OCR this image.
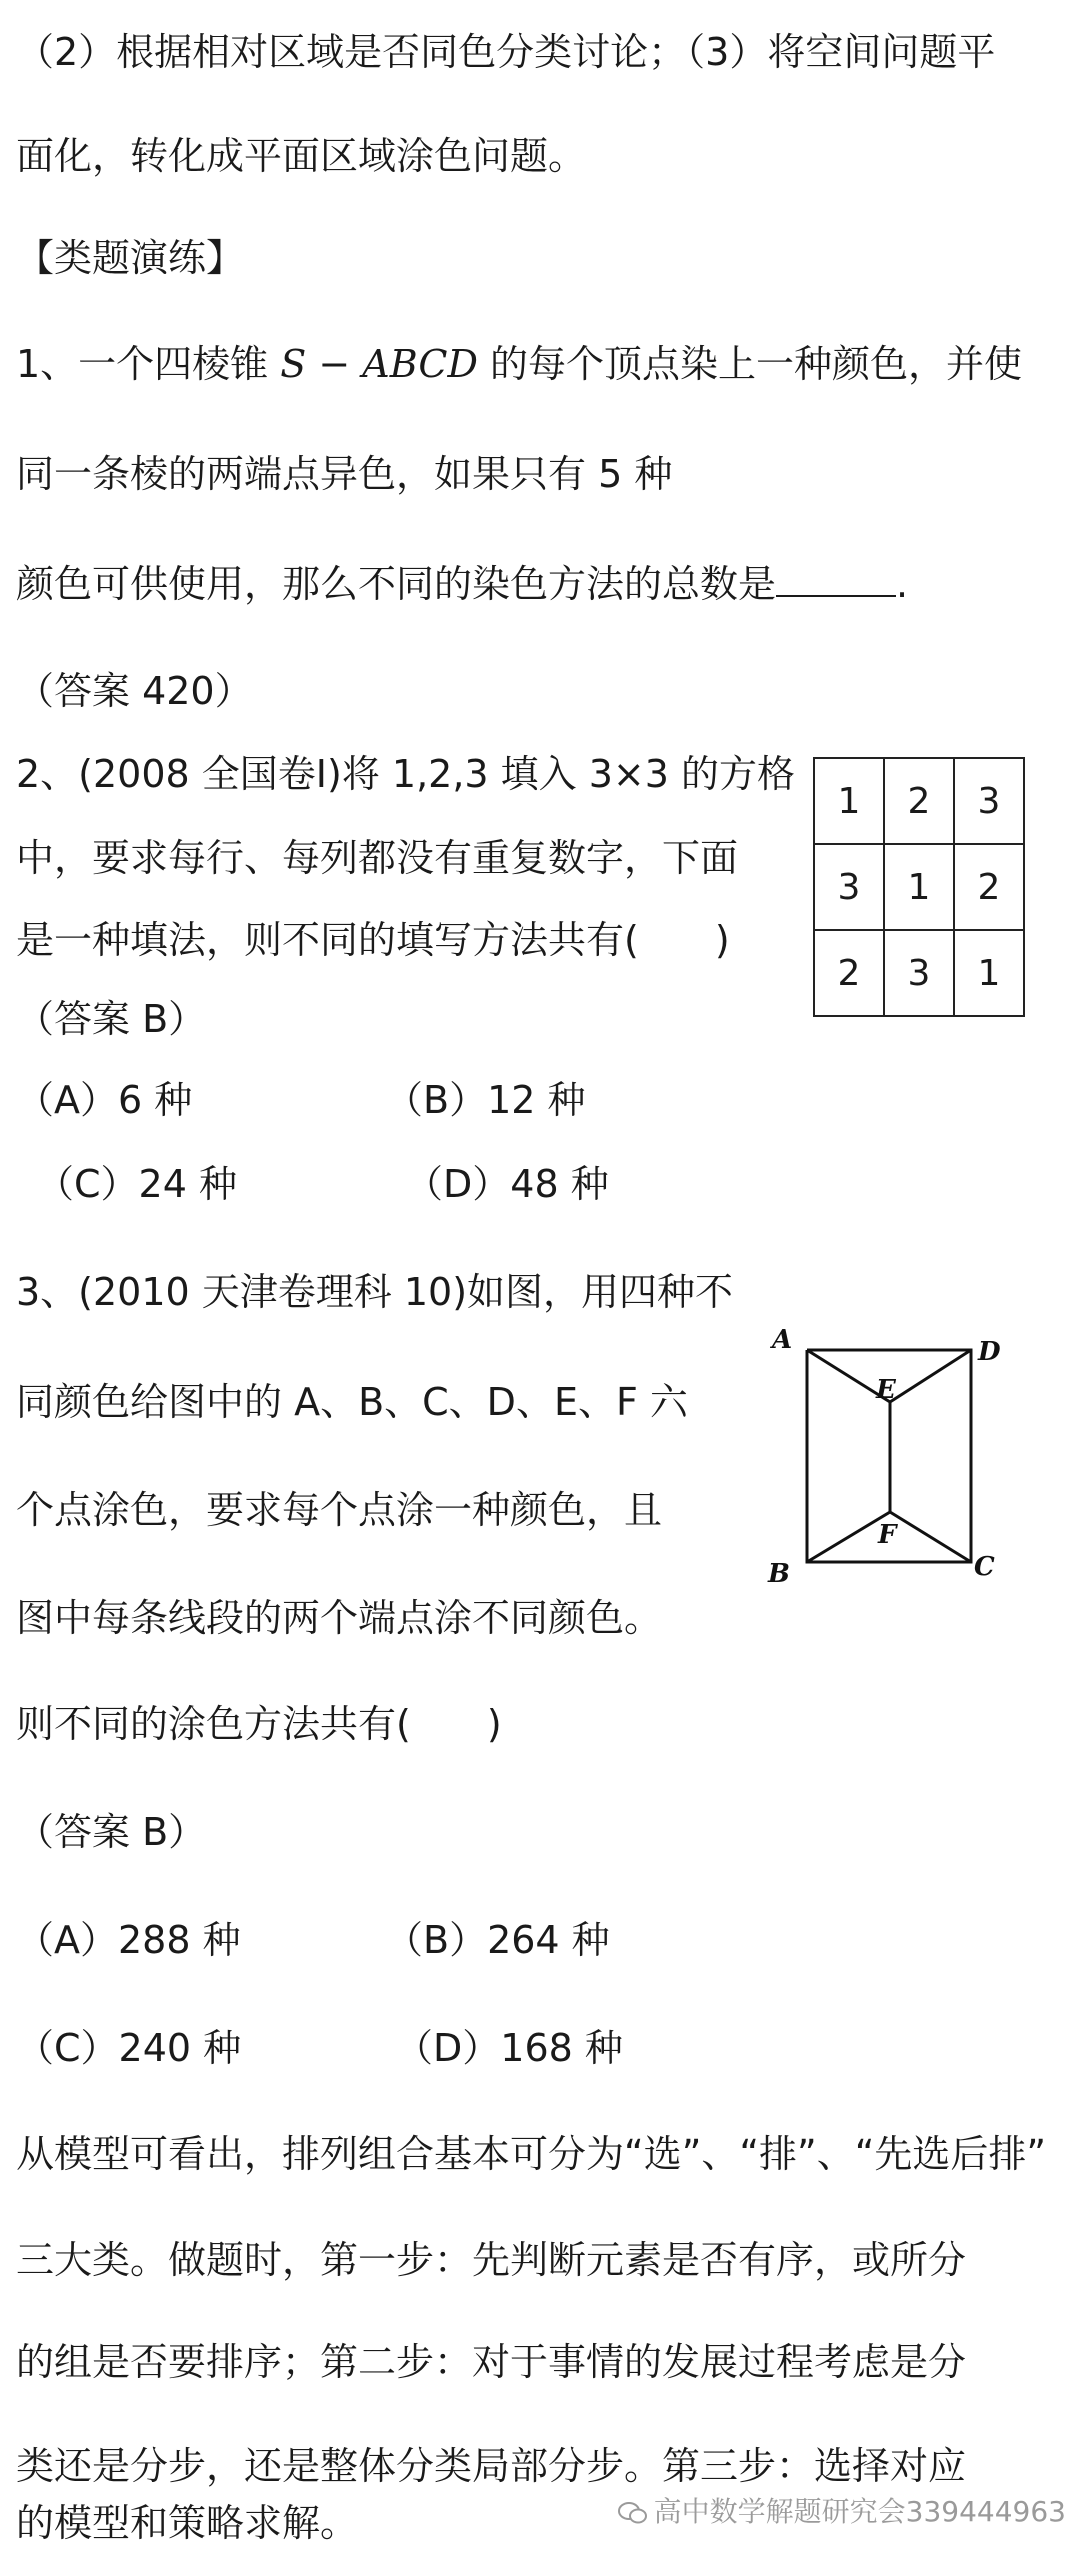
（2）根据相对区域是否同色分类讨论；（3）将空间问题平
面化，转化成平面区域涂色问题。
【类题演练】
1、一个四棱锥 S − ABCD 的每个顶点染上一种颜色，并使
同一条棱的两端点异色，如果只有 5 种
颜色可供使用，那么不同的染色方法的总数是	.
（答案 420）
2、(2008 全国卷Ⅰ)将 1,2,3 填入 3×3 的方格
中，要求每行、每列都没有重复数字，下面
是一种填法，则不同的填写方法共有(　　)
（答案 B）
1	2	3
3	1	2
2	3	1
（A）6 种	（B）12 种
（C）24 种	（D）48 种
3、(2010 天津卷理科 10)如图，用四种不
同颜色给图中的 A、B、C、D、E、F 六
个点涂色，要求每个点涂一种颜色，且
图中每条线段的两个端点涂不同颜色。
则不同的涂色方法共有(　　)
（答案 B）
A	D
E
F
B	C
（A）288 种	（B）264 种
（C）240 种	（D）168 种
从模型可看出，排列组合基本可分为“选”、“排”、“先选后排”
三大类。做题时，第一步：先判断元素是否有序，或所分
的组是否要排序；第二步：对于事情的发展过程考虑是分
类还是分步，还是整体分类局部分步。第三步：选择对应
的模型和策略求解。	高中数学解题研究会339444963
